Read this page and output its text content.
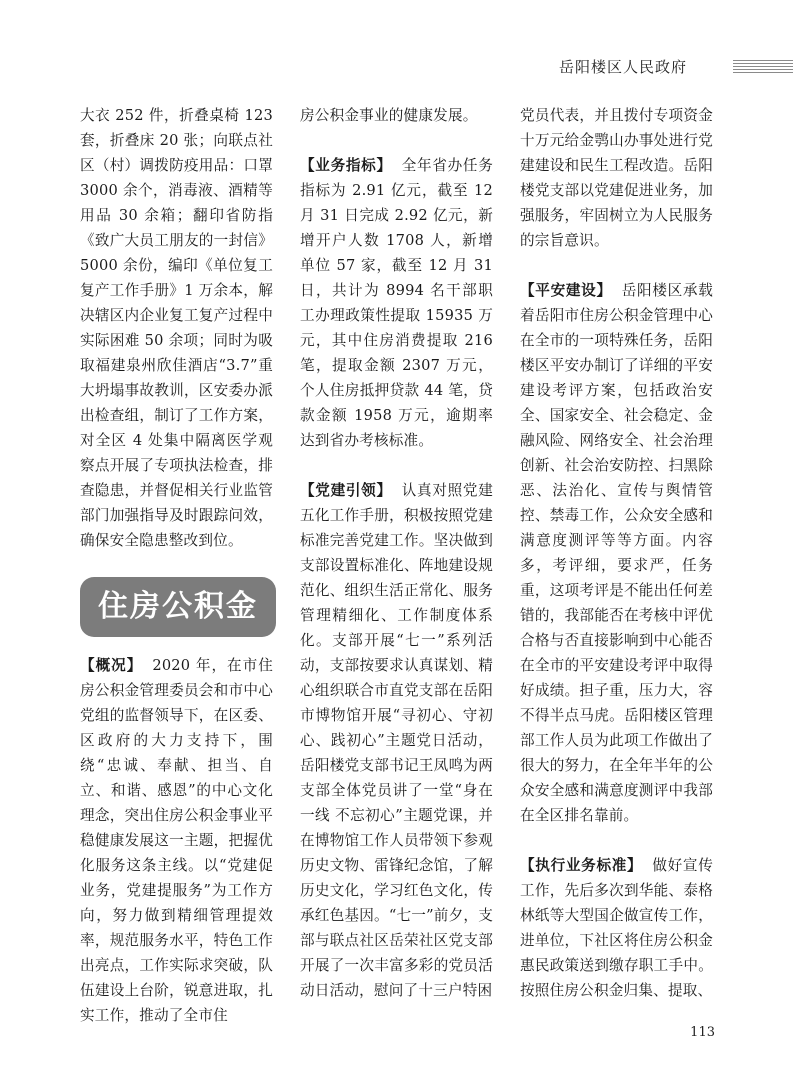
岳阳楼区人民政府

大衣 252 件，折叠桌椅 123 套，折叠床 20 张；向联点社区（村）调拨防疫用品：口罩 3000 余个，消毒液、酒精等用品 30 余箱；翻印省防指《致广大员工朋友的一封信》5000 余份，编印《单位复工复产工作手册》1 万余本，解决辖区内企业复工复产过程中实际困难 50 余项；同时为吸取福建泉州欣佳酒店“3.7”重大坍塌事故教训，区安委办派出检查组，制订了工作方案，对全区 4 处集中隔离医学观察点开展了专项执法检查，排查隐患，并督促相关行业监管部门加强指导及时跟踪问效，确保安全隐患整改到位。

住房公积金

【概况】 2020 年，在市住房公积金管理委员会和市中心党组的监督领导下，在区委、区政府的大力支持下，围绕“忠诚、奉献、担当、自立、和谐、感恩”的中心文化理念，突出住房公积金事业平稳健康发展这一主题，把握优化服务这条主线。以“党建促业务，党建提服务”为工作方向，努力做到精细管理提效率，规范服务水平，特色工作出亮点，工作实际求突破，队伍建设上台阶，锐意进取，扎实工作，推动了全市住

房公积金事业的健康发展。

【业务指标】 全年省办任务指标为 2.91 亿元，截至 12 月 31 日完成 2.92 亿元，新增开户人数 1708 人，新增单位 57 家，截至 12 月 31 日，共计为 8994 名干部职工办理政策性提取 15935 万元，其中住房消费提取 216 笔，提取金额 2307 万元，个人住房抵押贷款 44 笔，贷款金额 1958 万元，逾期率达到省办考核标准。

【党建引领】 认真对照党建五化工作手册，积极按照党建标准完善党建工作。坚决做到支部设置标准化、阵地建设规范化、组织生活正常化、服务管理精细化、工作制度体系化。支部开展“七一”系列活动，支部按要求认真谋划、精心组织联合市直党支部在岳阳市博物馆开展“寻初心、守初心、践初心”主题党日活动，岳阳楼党支部书记王凤鸣为两支部全体党员讲了一堂“身在一线 不忘初心”主题党课，并在博物馆工作人员带领下参观历史文物、雷锋纪念馆，了解历史文化，学习红色文化，传承红色基因。“七一”前夕，支部与联点社区岳荣社区党支部开展了一次丰富多彩的党员活动日活动，慰问了十三户特困

党员代表，并且拨付专项资金十万元给金鹗山办事处进行党建建设和民生工程改造。岳阳楼党支部以党建促进业务，加强服务，牢固树立为人民服务的宗旨意识。

【平安建设】 岳阳楼区承载着岳阳市住房公积金管理中心在全市的一项特殊任务，岳阳楼区平安办制订了详细的平安建设考评方案，包括政治安全、国家安全、社会稳定、金融风险、网络安全、社会治理创新、社会治安防控、扫黑除恶、法治化、宣传与舆情管控、禁毒工作，公众安全感和满意度测评等等方面。内容多，考评细，要求严，任务重，这项考评是不能出任何差错的，我部能否在考核中评优合格与否直接影响到中心能否在全市的平安建设考评中取得好成绩。担子重，压力大，容不得半点马虎。岳阳楼区管理部工作人员为此项工作做出了很大的努力，在全年半年的公众安全感和满意度测评中我部在全区排名靠前。

【执行业务标准】 做好宣传工作，先后多次到华能、泰格林纸等大型国企做宣传工作，进单位，下社区将住房公积金惠民政策送到缴存职工手中。按照住房公积金归集、提取、

113
